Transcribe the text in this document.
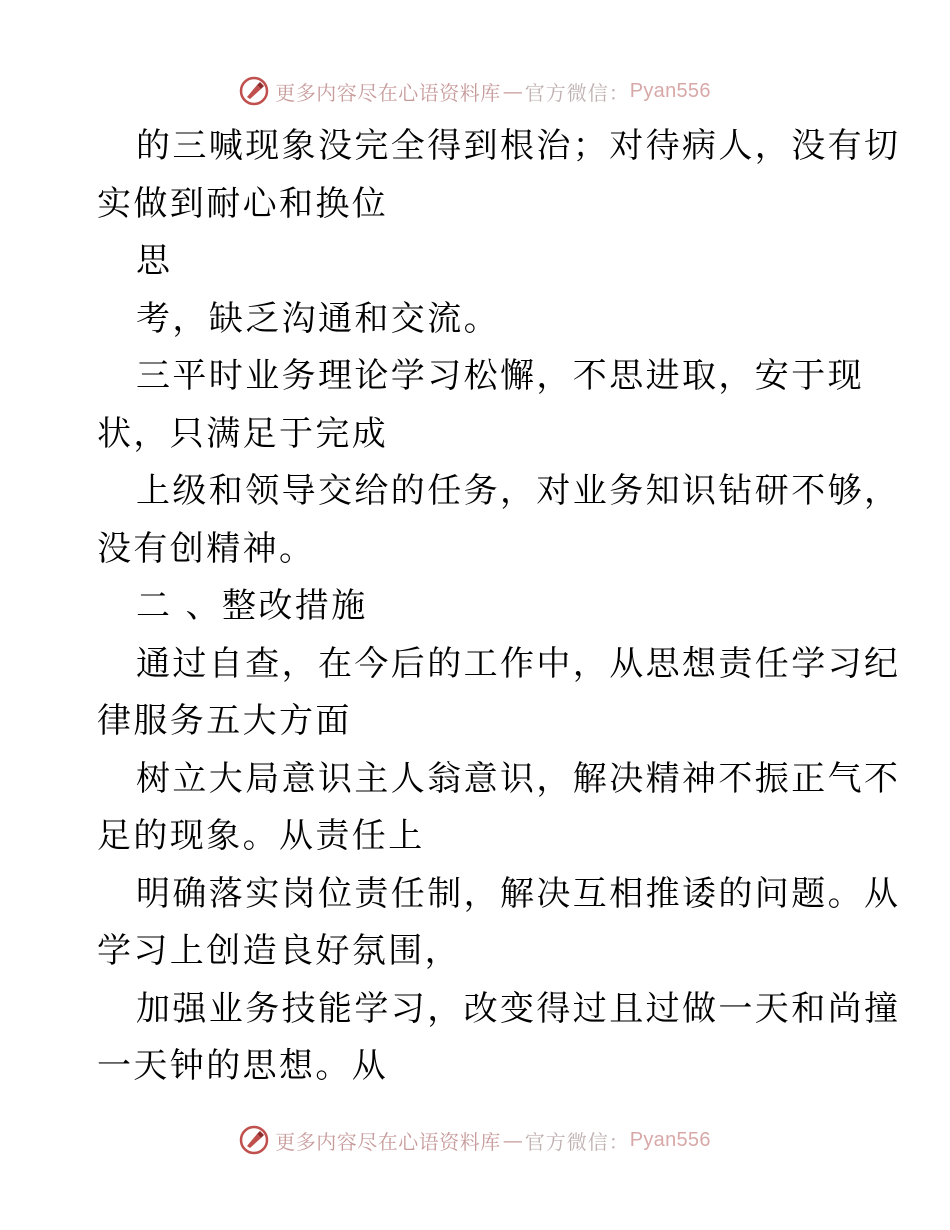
更多内容尽在心语资料库 — 官方微信： Pyan556
的三喊现象没完全得到根治；对待病人，没有切
实做到耐心和换位
思
考，缺乏沟通和交流。
三平时业务理论学习松懈，不思进取，安于现
状，只满足于完成
上级和领导交给的任务，对业务知识钻研不够，
没有创精神。
二 、整改措施
通过自查，在今后的工作中，从思想责任学习纪
律服务五大方面
树立大局意识主人翁意识，解决精神不振正气不
足的现象。从责任上
明确落实岗位责任制，解决互相推诿的问题。从
学习上创造良好氛围，
加强业务技能学习，改变得过且过做一天和尚撞
一天钟的思想。从
更多内容尽在心语资料库 — 官方微信： Pyan556
